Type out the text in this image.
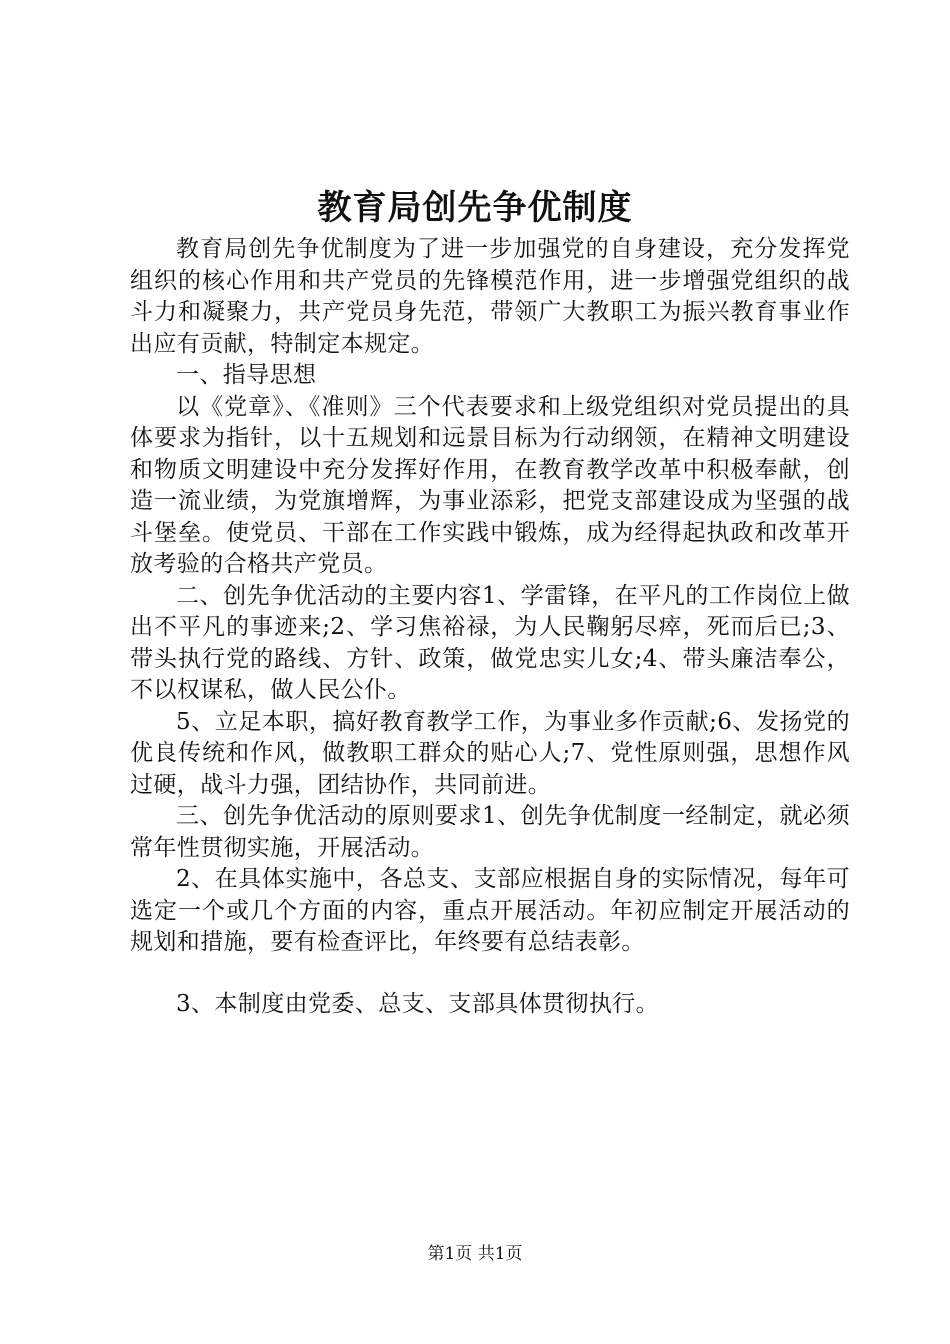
教育局创先争优制度

教育局创先争优制度为了进一步加强党的自身建设，充分发挥党组织的核心作用和共产党员的先锋模范作用，进一步增强党组织的战斗力和凝聚力，共产党员身先范，带领广大教职工为振兴教育事业作出应有贡献，特制定本规定。

一、指导思想

以《党章》、《准则》三个代表要求和上级党组织对党员提出的具体要求为指针，以十五规划和远景目标为行动纲领，在精神文明建设和物质文明建设中充分发挥好作用，在教育教学改革中积极奉献，创造一流业绩，为党旗增辉，为事业添彩，把党支部建设成为坚强的战斗堡垒。使党员、干部在工作实践中锻炼，成为经得起执政和改革开放考验的合格共产党员。

二、创先争优活动的主要内容1、学雷锋，在平凡的工作岗位上做出不平凡的事迹来;2、学习焦裕禄，为人民鞠躬尽瘁，死而后已;3、带头执行党的路线、方针、政策，做党忠实儿女;4、带头廉洁奉公，不以权谋私，做人民公仆。

5、立足本职，搞好教育教学工作，为事业多作贡献;6、发扬党的优良传统和作风，做教职工群众的贴心人;7、党性原则强，思想作风过硬，战斗力强，团结协作，共同前进。

三、创先争优活动的原则要求1、创先争优制度一经制定，就必须常年性贯彻实施，开展活动。

2、在具体实施中，各总支、支部应根据自身的实际情况，每年可选定一个或几个方面的内容，重点开展活动。年初应制定开展活动的规划和措施，要有检查评比，年终要有总结表彰。

3、本制度由党委、总支、支部具体贯彻执行。

第1页 共1页
